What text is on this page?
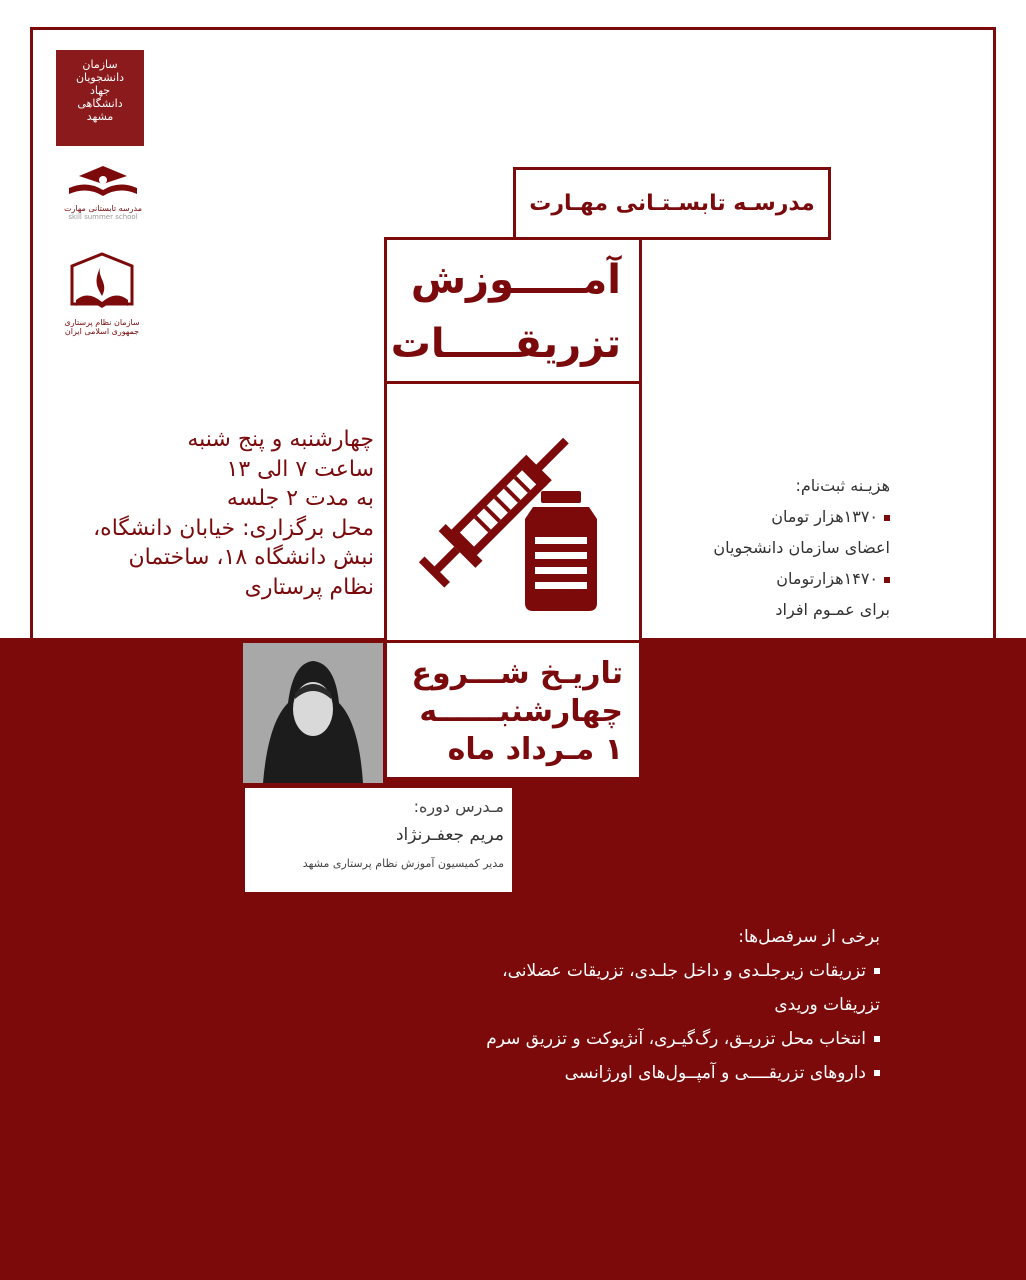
سازمان
دانشجویان
جهاد
دانشگاهی
مشهد
مدرسه تابستانی مهارت
skill summer school
سازمان نظام پرستاری
جمهوری اسلامی ایران
مدرسـه تابسـتـانی مهـارت
آمـــــوزش
تزریقـــــات
چهارشنبه و پنج شنبه
ساعت ۷ الی ۱۳
به مدت ۲ جلسه
محل برگزاری: خیابان دانشگاه،
نبش دانشگاه ۱۸، ساختمان
نظام پرستاری
هزیـنه ثبت‌نام:
۱۳۷۰هزار تومان
اعضای سازمان دانشجویان
۱۴۷۰هزار‌تومان
برای عمـوم افراد
تاریـخ شـــروع
چهارشنبــــــه
۱ مـرداد ماه ۱۴۰۴
مـدرس دوره:
مریم جعفـرنژاد
مدیر کمیسیون آموزش نظام پرستاری مشهد
برخی از سرفصل‌ها:
تزریقات زیرجلـدی و داخل جلـدی، تزریقات عضلانی،
تزریقات وریدی
انتخاب محل تزریـق، رگ‌گیـری، آنژیوکت و تزریق سرم
داروهای تزریقــــی و آمپــول‌های اورژانسی
